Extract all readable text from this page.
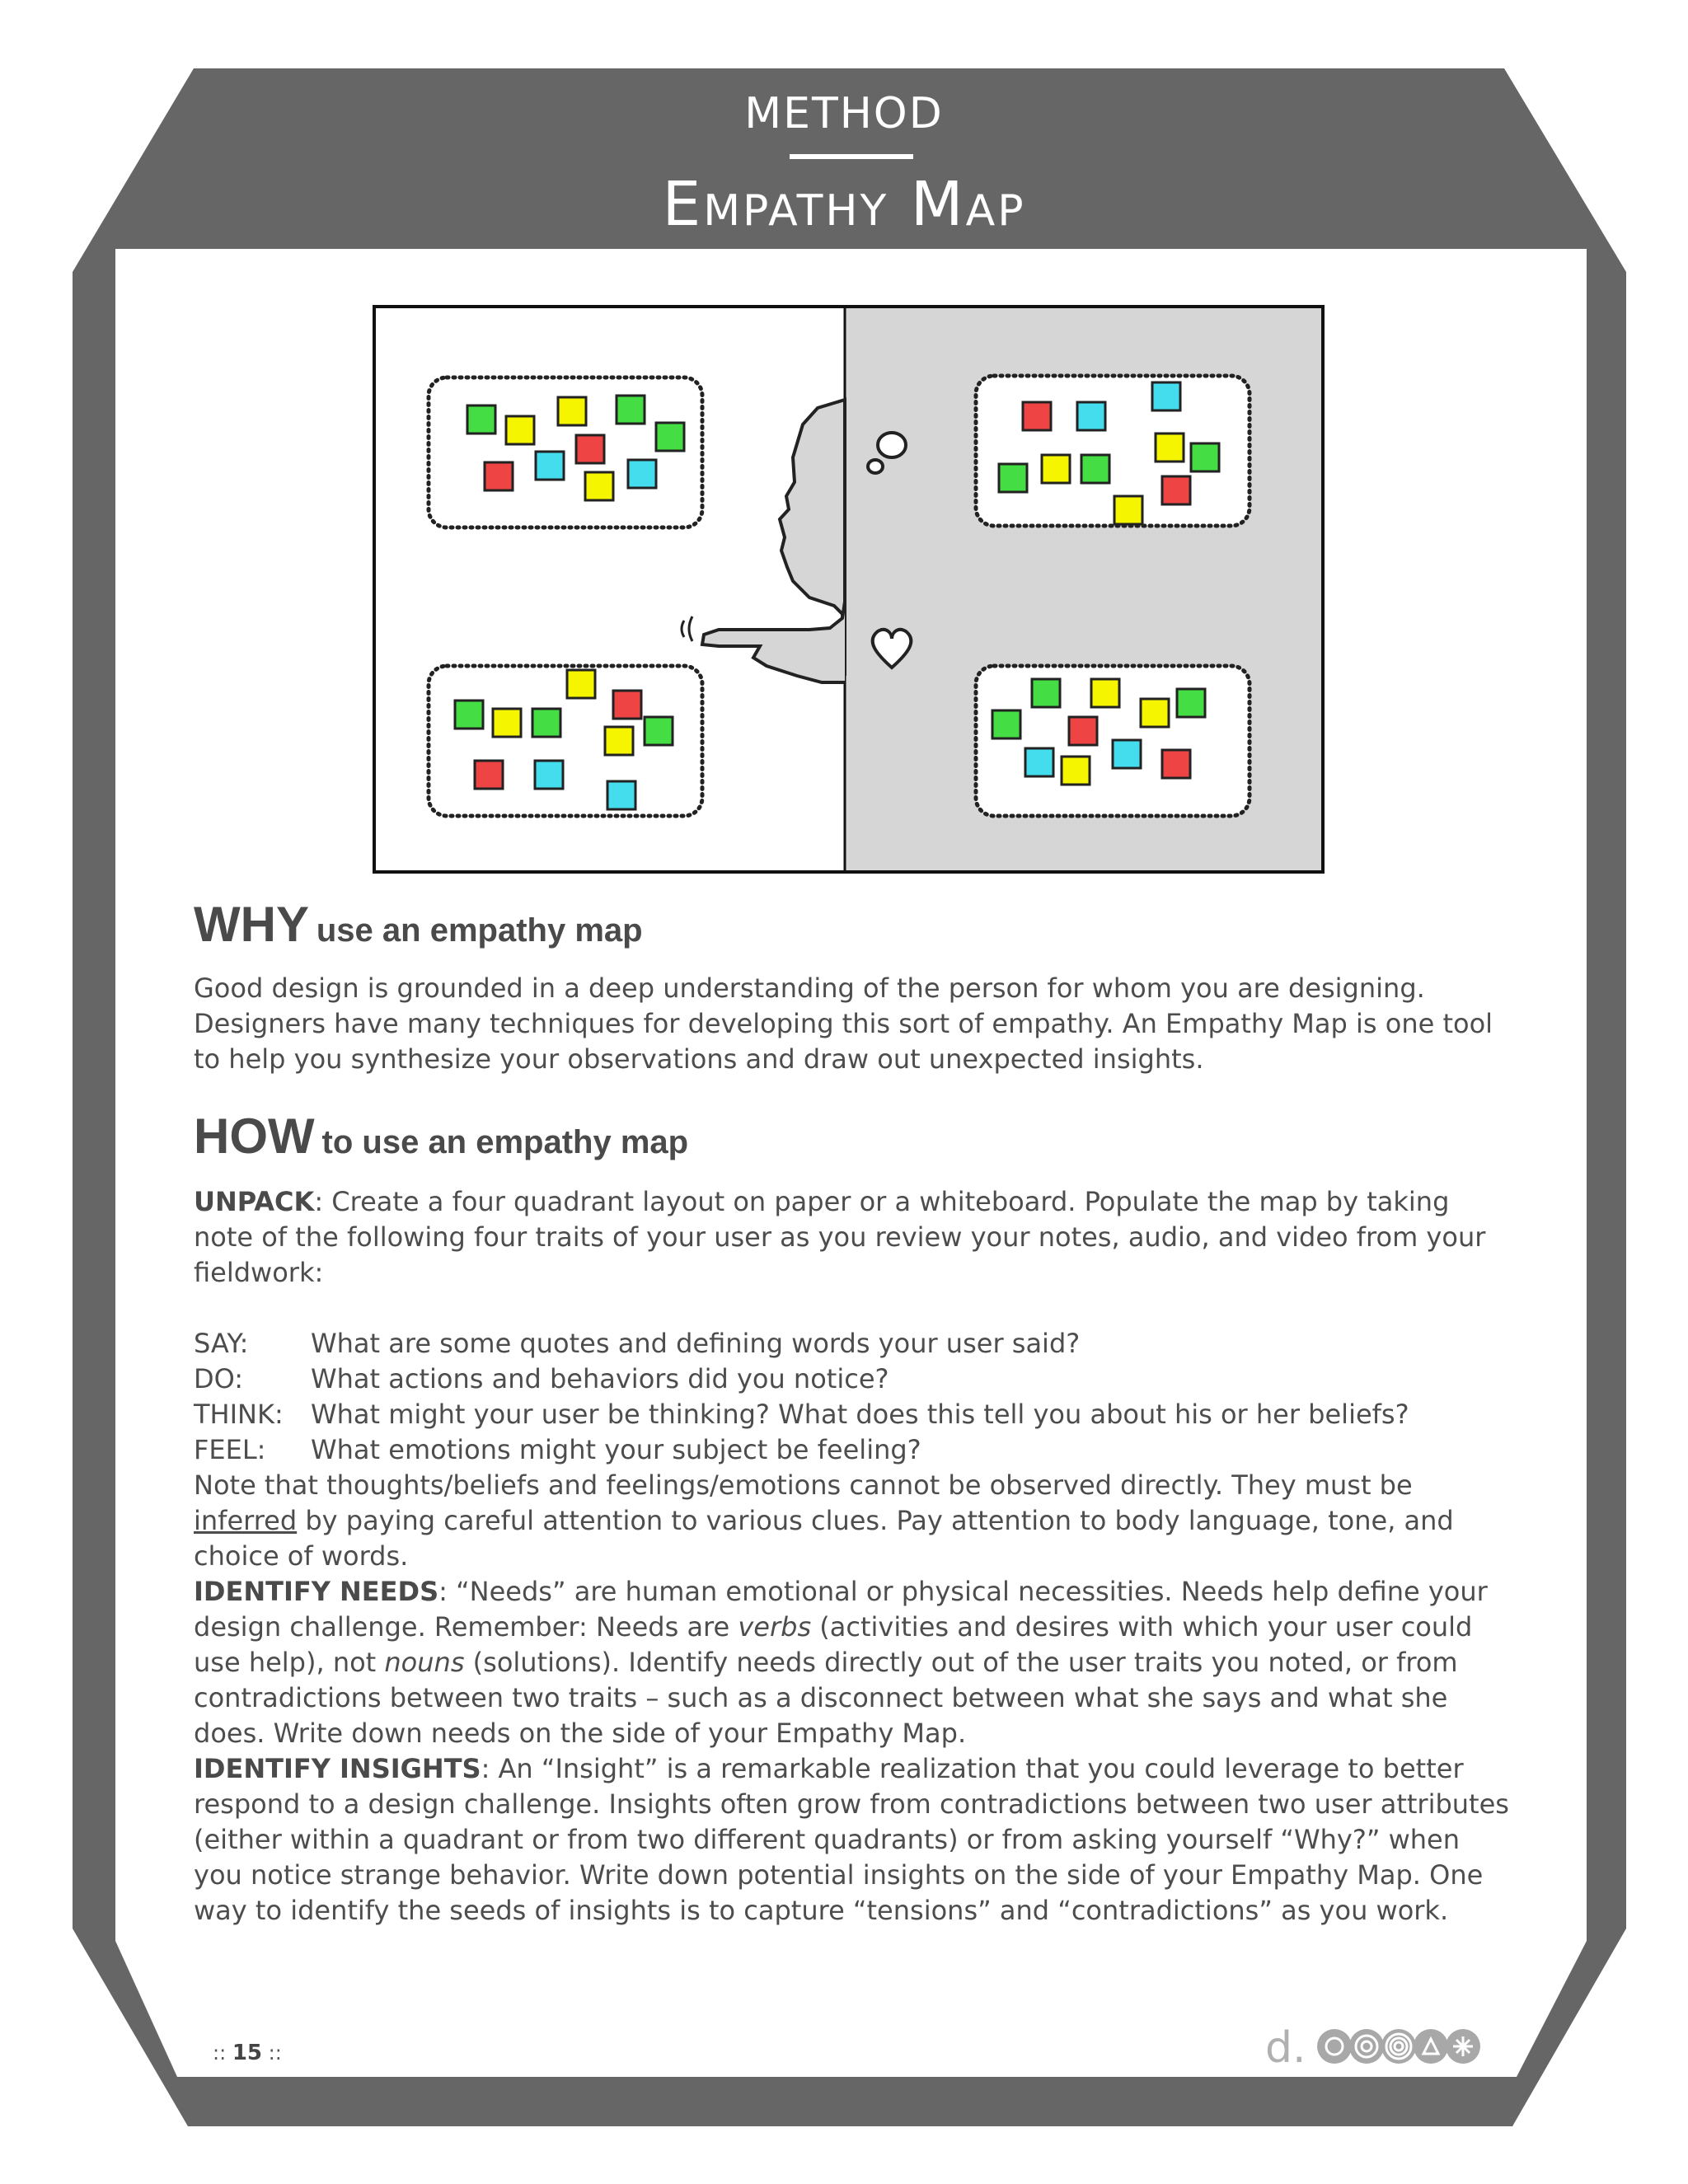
METHOD
Empathy Map
WHY use an empathy map

Good design is grounded in a deep understanding of the person for whom you are designing. Designers have many techniques for developing this sort of empathy. An Empathy Map is one tool to help you synthesize your observations and draw out unexpected insights.

HOW to use an empathy map

UNPACK: Create a four quadrant layout on paper or a whiteboard. Populate the map by taking note of the following four traits of your user as you review your notes, audio, and video from your fieldwork:

SAY:	What are some quotes and defining words your user said?
DO:	What actions and behaviors did you notice?
THINK:	What might your user be thinking? What does this tell you about his or her beliefs?
FEEL:	What emotions might your subject be feeling?

Note that thoughts/beliefs and feelings/emotions cannot be observed directly. They must be inferred by paying careful attention to various clues. Pay attention to body language, tone, and choice of words.

IDENTIFY NEEDS: “Needs” are human emotional or physical necessities. Needs help define your design challenge. Remember: Needs are verbs (activities and desires with which your user could use help), not nouns (solutions). Identify needs directly out of the user traits you noted, or from contradictions between two traits – such as a disconnect between what she says and what she does. Write down needs on the side of your Empathy Map.

IDENTIFY INSIGHTS: An “Insight” is a remarkable realization that you could leverage to better respond to a design challenge. Insights often grow from contradictions between two user attributes (either within a quadrant or from two different quadrants) or from asking yourself “Why?” when you notice strange behavior. Write down potential insights on the side of your Empathy Map. One way to identify the seeds of insights is to capture “tensions” and “contradictions” as you work.

:: 15 ::	d.
